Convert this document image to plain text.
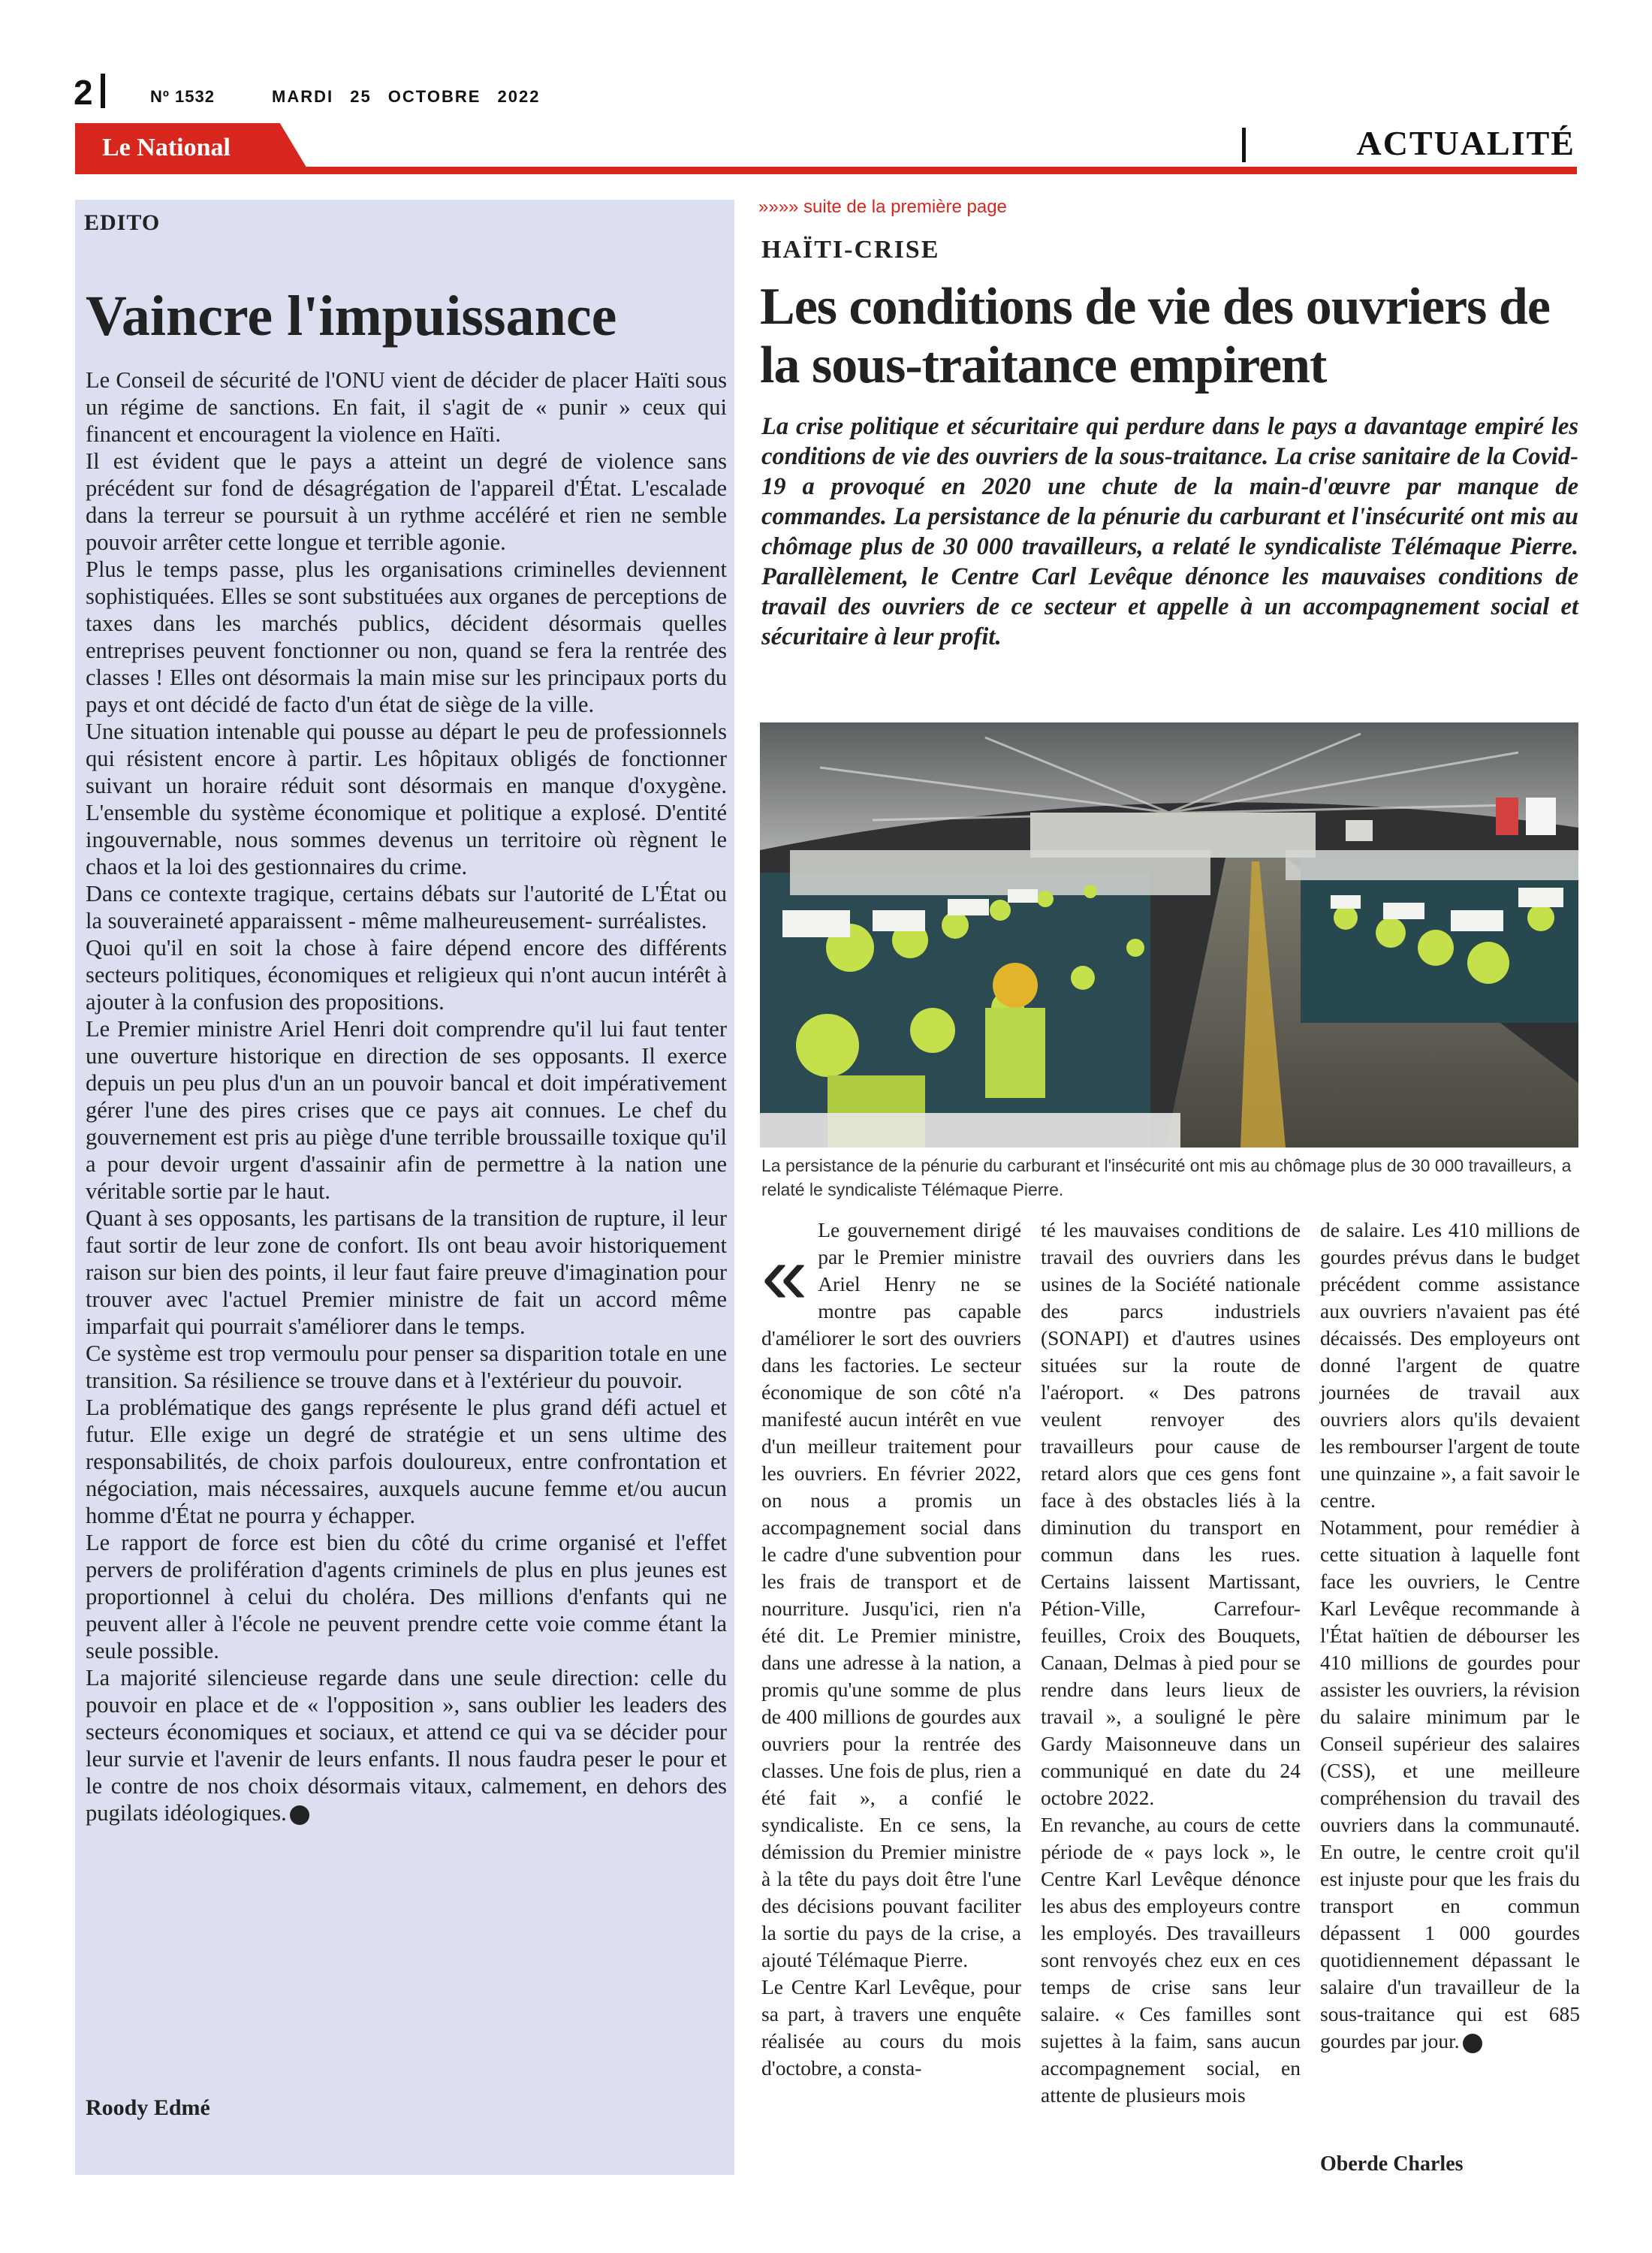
2	Nº 1532	MARDI 25 OCTOBRE 2022
Le National	ACTUALITÉ
EDITO
Vaincre l'impuissance

Le Conseil de sécurité de l'ONU vient de décider de placer Haïti sous un régime de sanctions. En fait, il s'agit de « punir » ceux qui financent et encouragent la violence en Haïti.

Il est évident que le pays a atteint un degré de violence sans précédent sur fond de désagrégation de l'appareil d'État. L'escalade dans la terreur se poursuit à un rythme accéléré et rien ne semble pouvoir arrêter cette longue et terrible agonie.

Plus le temps passe, plus les organisations criminelles deviennent sophistiquées. Elles se sont substituées aux organes de perceptions de taxes dans les marchés publics, décident désormais quelles entreprises peuvent fonctionner ou non, quand se fera la rentrée des classes ! Elles ont désormais la main mise sur les principaux ports du pays et ont décidé de facto d'un état de siège de la ville.

Une situation intenable qui pousse au départ le peu de professionnels qui résistent encore à partir. Les hôpitaux obligés de fonctionner suivant un horaire réduit sont désormais en manque d'oxygène. L'ensemble du système économique et politique a explosé. D'entité ingouvernable, nous sommes devenus un territoire où règnent le chaos et la loi des gestionnaires du crime.

Dans ce contexte tragique, certains débats sur l'autorité de L'État ou la souveraineté apparaissent - même malheureusement- surréalistes.

Quoi qu'il en soit la chose à faire dépend encore des différents secteurs politiques, économiques et religieux qui n'ont aucun intérêt à ajouter à la confusion des propositions.

Le Premier ministre Ariel Henri doit comprendre qu'il lui faut tenter une ouverture historique en direction de ses opposants. Il exerce depuis un peu plus d'un an un pouvoir bancal et doit impérativement gérer l'une des pires crises que ce pays ait connues. Le chef du gouvernement est pris au piège d'une terrible broussaille toxique qu'il a pour devoir urgent d'assainir afin de permettre à la nation une véritable sortie par le haut.

Quant à ses opposants, les partisans de la transition de rupture, il leur faut sortir de leur zone de confort. Ils ont beau avoir historiquement raison sur bien des points, il leur faut faire preuve d'imagination pour trouver avec l'actuel Premier ministre de fait un accord même imparfait qui pourrait s'améliorer dans le temps.

Ce système est trop vermoulu pour penser sa disparition totale en une transition. Sa résilience se trouve dans et à l'extérieur du pouvoir.

La problématique des gangs représente le plus grand défi actuel et futur. Elle exige un degré de stratégie et un sens ultime des responsabilités, de choix parfois douloureux, entre confrontation et négociation, mais nécessaires, auxquels aucune femme et/ou aucun homme d'État ne pourra y échapper.

Le rapport de force est bien du côté du crime organisé et l'effet pervers de prolifération d'agents criminels de plus en plus jeunes est proportionnel à celui du choléra. Des millions d'enfants qui ne peuvent aller à l'école ne peuvent prendre cette voie comme étant la seule possible.

La majorité silencieuse regarde dans une seule direction: celle du pouvoir en place et de « l'opposition », sans oublier les leaders des secteurs économiques et sociaux, et attend ce qui va se décider pour leur survie et l'avenir de leurs enfants. Il nous faudra peser le pour et le contre de nos choix désormais vitaux, calmement, en dehors des pugilats idéologiques.

Roody Edmé
»»»» suite de la première page
HAÏTI-CRISE
Les conditions de vie des ouvriers de la sous-traitance empirent
La crise politique et sécuritaire qui perdure dans le pays a davantage empiré les conditions de vie des ouvriers de la sous-traitance. La crise sanitaire de la Covid-19 a provoqué en 2020 une chute de la main-d'œuvre par manque de commandes. La persistance de la pénurie du carburant et l'insécurité ont mis au chômage plus de 30 000 travailleurs, a relaté le syndicaliste Télémaque Pierre. Parallèlement, le Centre Carl Levêque dénonce les mauvaises conditions de travail des ouvriers de ce secteur et appelle à un accompagnement social et sécuritaire à leur profit.
La persistance de la pénurie du carburant et l'insécurité ont mis au chômage plus de 30 000 travailleurs, a relaté le syndicaliste Télémaque Pierre.
« Le gouvernement dirigé par le Premier ministre Ariel Henry ne se montre pas capable d'améliorer le sort des ouvriers dans les factories. Le secteur économique de son côté n'a manifesté aucun intérêt en vue d'un meilleur traitement pour les ouvriers. En février 2022, on nous a promis un accompagnement social dans le cadre d'une subvention pour les frais de transport et de nourriture. Jusqu'ici, rien n'a été dit. Le Premier ministre, dans une adresse à la nation, a promis qu'une somme de plus de 400 millions de gourdes aux ouvriers pour la rentrée des classes. Une fois de plus, rien a été fait », a confié le syndicaliste. En ce sens, la démission du Premier ministre à la tête du pays doit être l'une des décisions pouvant faciliter la sortie du pays de la crise, a ajouté Télémaque Pierre.

Le Centre Karl Levêque, pour sa part, à travers une enquête réalisée au cours du mois d'octobre, a consta-

té les mauvaises conditions de travail des ouvriers dans les usines de la Société nationale des parcs industriels (SONAPI) et d'autres usines situées sur la route de l'aéroport. « Des patrons veulent renvoyer des travailleurs pour cause de retard alors que ces gens font face à des obstacles liés à la diminution du transport en commun dans les rues. Certains laissent Martissant, Pétion-Ville, Carrefour-feuilles, Croix des Bouquets, Canaan, Delmas à pied pour se rendre dans leurs lieux de travail », a souligné le père Gardy Maisonneuve dans un communiqué en date du 24 octobre 2022.

En revanche, au cours de cette période de « pays lock », le Centre Karl Levêque dénonce les abus des employeurs contre les employés. Des travailleurs sont renvoyés chez eux en ces temps de crise sans leur salaire. « Ces familles sont sujettes à la faim, sans aucun accompagnement social, en attente de plusieurs mois

de salaire. Les 410 millions de gourdes prévus dans le budget précédent comme assistance aux ouvriers n'avaient pas été décaissés. Des employeurs ont donné l'argent de quatre journées de travail aux ouvriers alors qu'ils devaient les rembourser l'argent de toute une quinzaine », a fait savoir le centre.

Notamment, pour remédier à cette situation à laquelle font face les ouvriers, le Centre Karl Levêque recommande à l'État haïtien de débourser les 410 millions de gourdes pour assister les ouvriers, la révision du salaire minimum par le Conseil supérieur des salaires (CSS), et une meilleure compréhension du travail des ouvriers dans la communauté. En outre, le centre croit qu'il est injuste pour que les frais du transport en commun dépassent 1 000 gourdes quotidiennement dépassant le salaire d'un travailleur de la sous-traitance qui est 685 gourdes par jour.

Oberde Charles
